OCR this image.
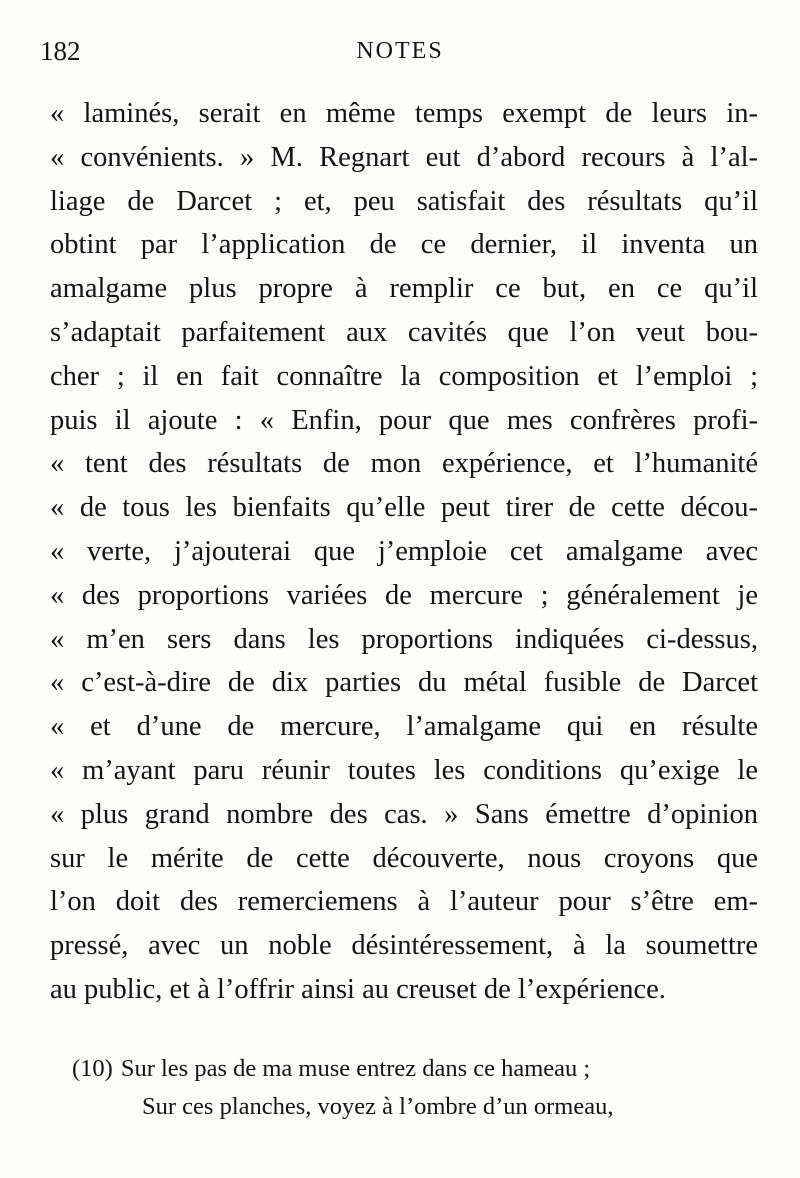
182	NOTES
« laminés, serait en même temps exempt de leurs in-
« convénients. » M. Regnart eut d’abord recours à l’al-
liage de Darcet ; et, peu satisfait des résultats qu’il
obtint par l’application de ce dernier, il inventa un
amalgame plus propre à remplir ce but, en ce qu’il
s’adaptait parfaitement aux cavités que l’on veut bou-
cher ; il en fait connaître la composition et l’emploi ;
puis il ajoute : « Enfin, pour que mes confrères profi-
« tent des résultats de mon expérience, et l’humanité
« de tous les bienfaits qu’elle peut tirer de cette décou-
« verte, j’ajouterai que j’emploie cet amalgame avec
« des proportions variées de mercure ; généralement je
« m’en sers dans les proportions indiquées ci-dessus,
« c’est-à-dire de dix parties du métal fusible de Darcet
« et d’une de mercure, l’amalgame qui en résulte
« m’ayant paru réunir toutes les conditions qu’exige le
« plus grand nombre des cas. » Sans émettre d’opinion
sur le mérite de cette découverte, nous croyons que
l’on doit des remerciemens à l’auteur pour s’être em-
pressé, avec un noble désintéressement, à la soumettre
au public, et à l’offrir ainsi au creuset de l’expérience.
(10) Sur les pas de ma muse entrez dans ce hameau ;
Sur ces planches, voyez à l’ombre d’un ormeau,
